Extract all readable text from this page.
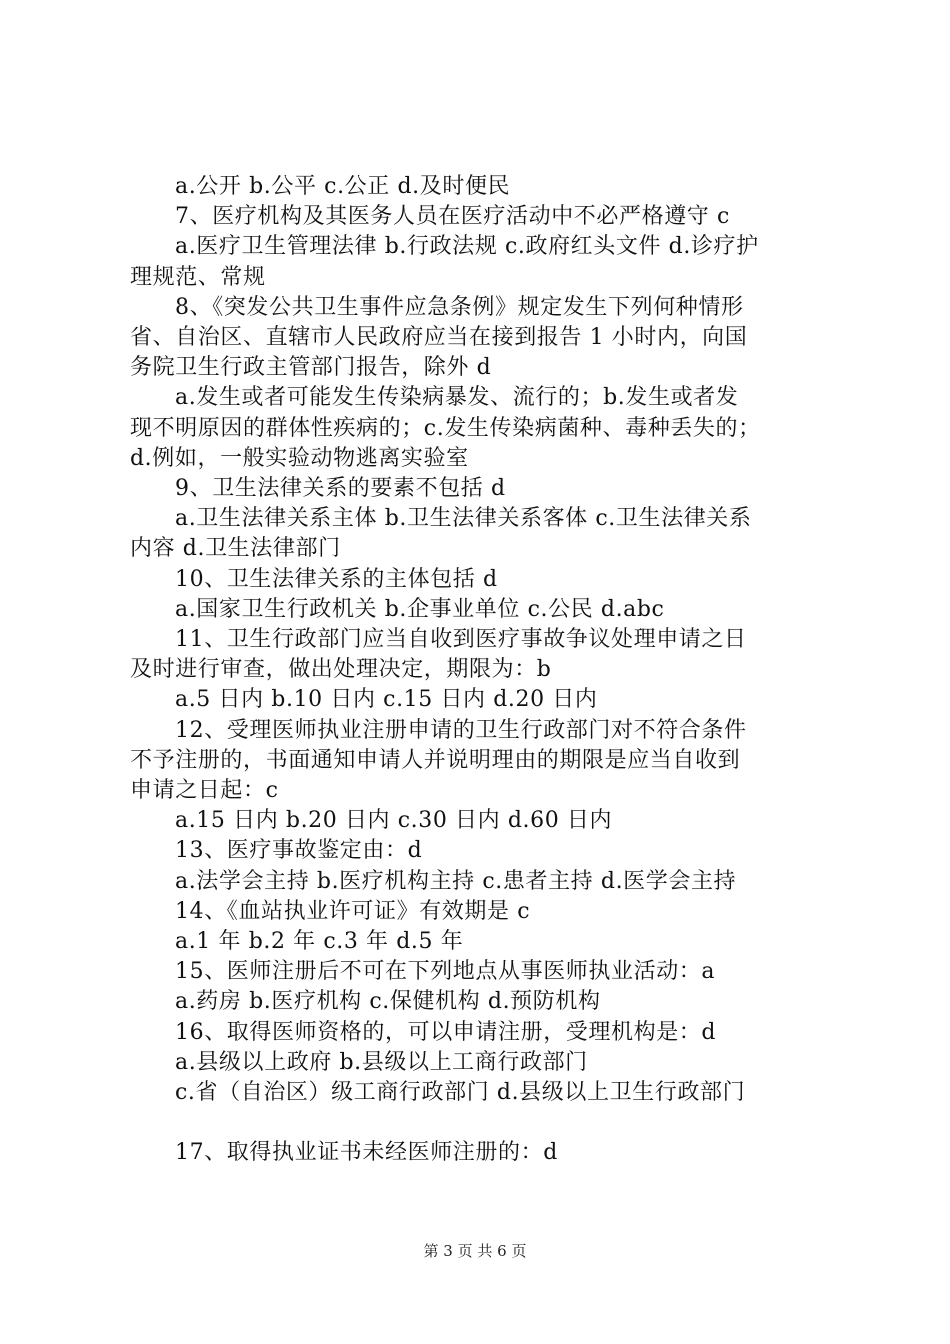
a.公开 b.公平 c.公正 d.及时便民
7、医疗机构及其医务人员在医疗活动中不必严格遵守 c
a.医疗卫生管理法律 b.行政法规 c.政府红头文件 d.诊疗护
理规范、常规
8、《突发公共卫生事件应急条例》规定发生下列何种情形
省、自治区、直辖市人民政府应当在接到报告 1 小时内，向国
务院卫生行政主管部门报告，除外 d
a.发生或者可能发生传染病暴发、流行的；b.发生或者发
现不明原因的群体性疾病的；c.发生传染病菌种、毒种丢失的；
d.例如，一般实验动物逃离实验室
9、卫生法律关系的要素不包括 d
a.卫生法律关系主体 b.卫生法律关系客体 c.卫生法律关系
内容 d.卫生法律部门
10、卫生法律关系的主体包括 d
a.国家卫生行政机关 b.企事业单位 c.公民 d.abc
11、卫生行政部门应当自收到医疗事故争议处理申请之日
及时进行审查，做出处理决定，期限为：b
a.5 日内 b.10 日内 c.15 日内 d.20 日内
12、受理医师执业注册申请的卫生行政部门对不符合条件
不予注册的，书面通知申请人并说明理由的期限是应当自收到
申请之日起：c
a.15 日内 b.20 日内 c.30 日内 d.60 日内
13、医疗事故鉴定由：d
a.法学会主持 b.医疗机构主持 c.患者主持 d.医学会主持
14、《血站执业许可证》有效期是 c
a.1 年 b.2 年 c.3 年 d.5 年
15、医师注册后不可在下列地点从事医师执业活动：a
a.药房 b.医疗机构 c.保健机构 d.预防机构
16、取得医师资格的，可以申请注册，受理机构是：d
a.县级以上政府 b.县级以上工商行政部门
c.省（自治区）级工商行政部门 d.县级以上卫生行政部门
17、取得执业证书未经医师注册的：d
第 3 页 共 6 页
